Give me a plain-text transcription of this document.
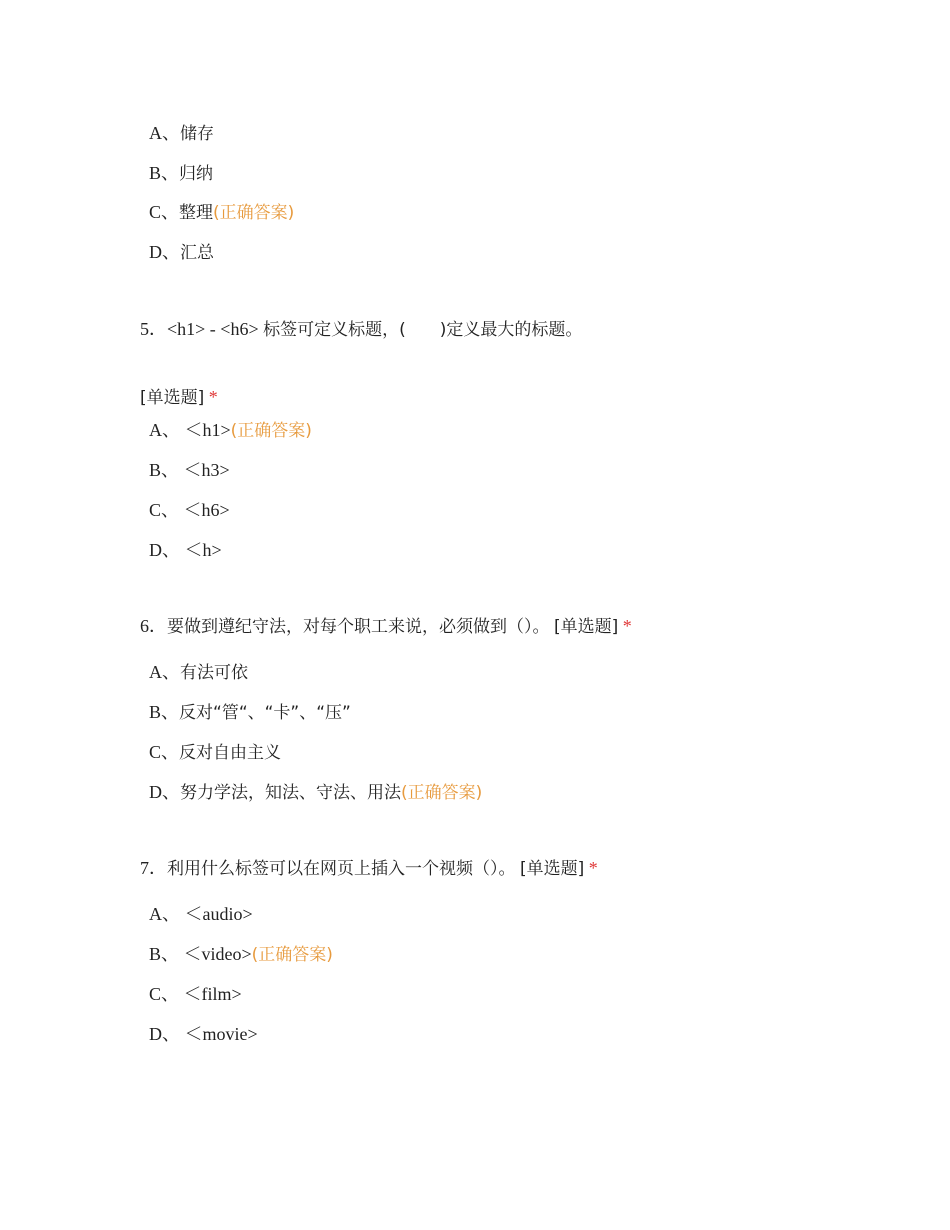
A、储存
B、归纳
C、整理(正确答案)
D、汇总
5．<h1> - <h6> 标签可定义标题，(　　)定义最大的标题。
[单选题] *
A、 ＜h1>(正确答案)
B、 ＜h3>
C、 ＜h6>
D、 ＜h>
6．要做到遵纪守法，对每个职工来说，必须做到（）。 [单选题] *
A、有法可依
B、反对“管“、“卡”、“压”
C、反对自由主义
D、努力学法，知法、守法、用法(正确答案)
7．利用什么标签可以在网页上插入一个视频（）。 [单选题] *
A、 ＜audio>
B、 ＜video>(正确答案)
C、 ＜film>
D、 ＜movie>
